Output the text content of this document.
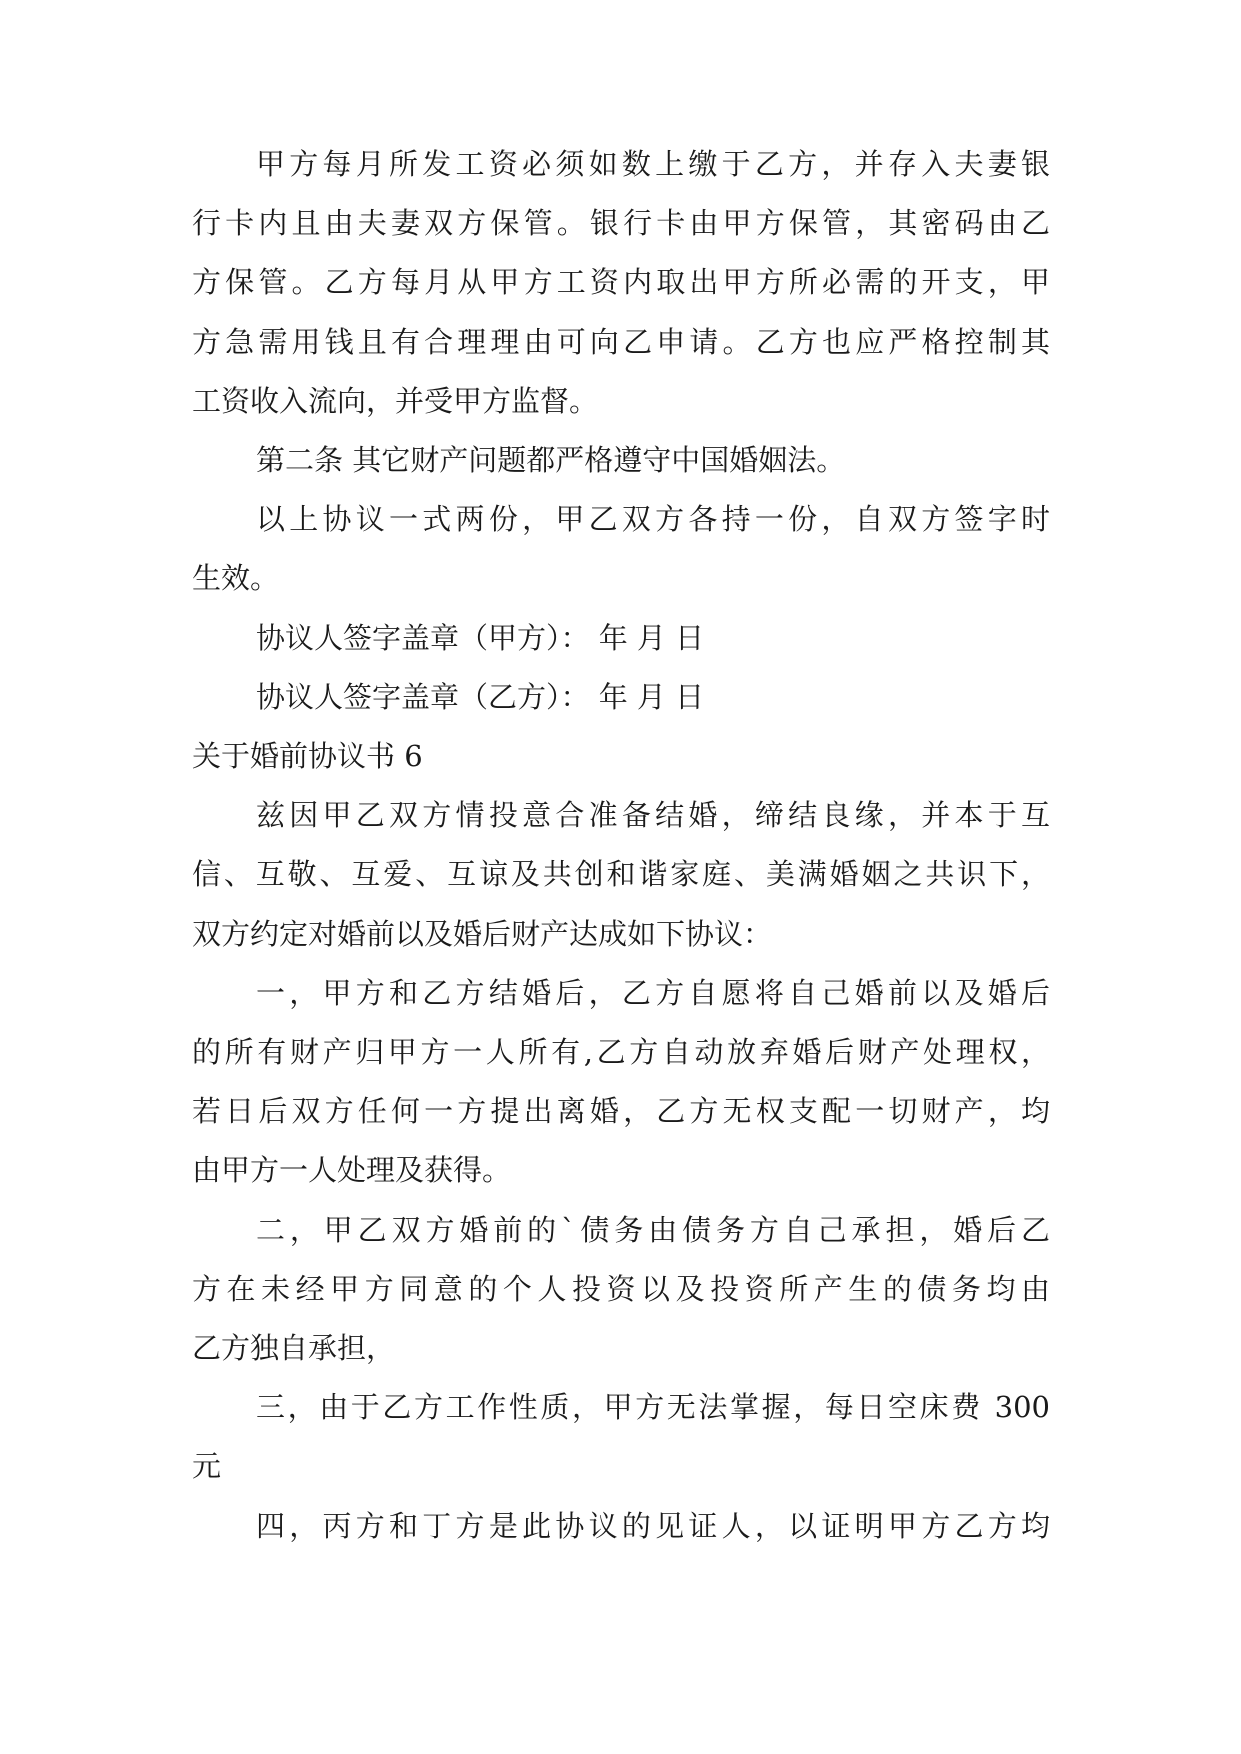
甲方每月所发工资必须如数上缴于乙方，并存入夫妻银
行卡内且由夫妻双方保管。银行卡由甲方保管，其密码由乙
方保管。乙方每月从甲方工资内取出甲方所必需的开支，甲
方急需用钱且有合理理由可向乙申请。乙方也应严格控制其
工资收入流向，并受甲方监督。
第二条 其它财产问题都严格遵守中国婚姻法。
以上协议一式两份，甲乙双方各持一份，自双方签字时
生效。
协议人签字盖章（甲方）： 年 月 日
协议人签字盖章（乙方）： 年 月 日
关于婚前协议书 6
兹因甲乙双方情投意合准备结婚，缔结良缘，并本于互
信、互敬、互爱、互谅及共创和谐家庭、美满婚姻之共识下，
双方约定对婚前以及婚后财产达成如下协议：
一，甲方和乙方结婚后，乙方自愿将自己婚前以及婚后
的所有财产归甲方一人所有,乙方自动放弃婚后财产处理权，
若日后双方任何一方提出离婚，乙方无权支配一切财产，均
由甲方一人处理及获得。
二，甲乙双方婚前的`债务由债务方自己承担，婚后乙
方在未经甲方同意的个人投资以及投资所产生的债务均由
乙方独自承担，
三，由于乙方工作性质，甲方无法掌握，每日空床费 300
元
四，丙方和丁方是此协议的见证人，以证明甲方乙方均
